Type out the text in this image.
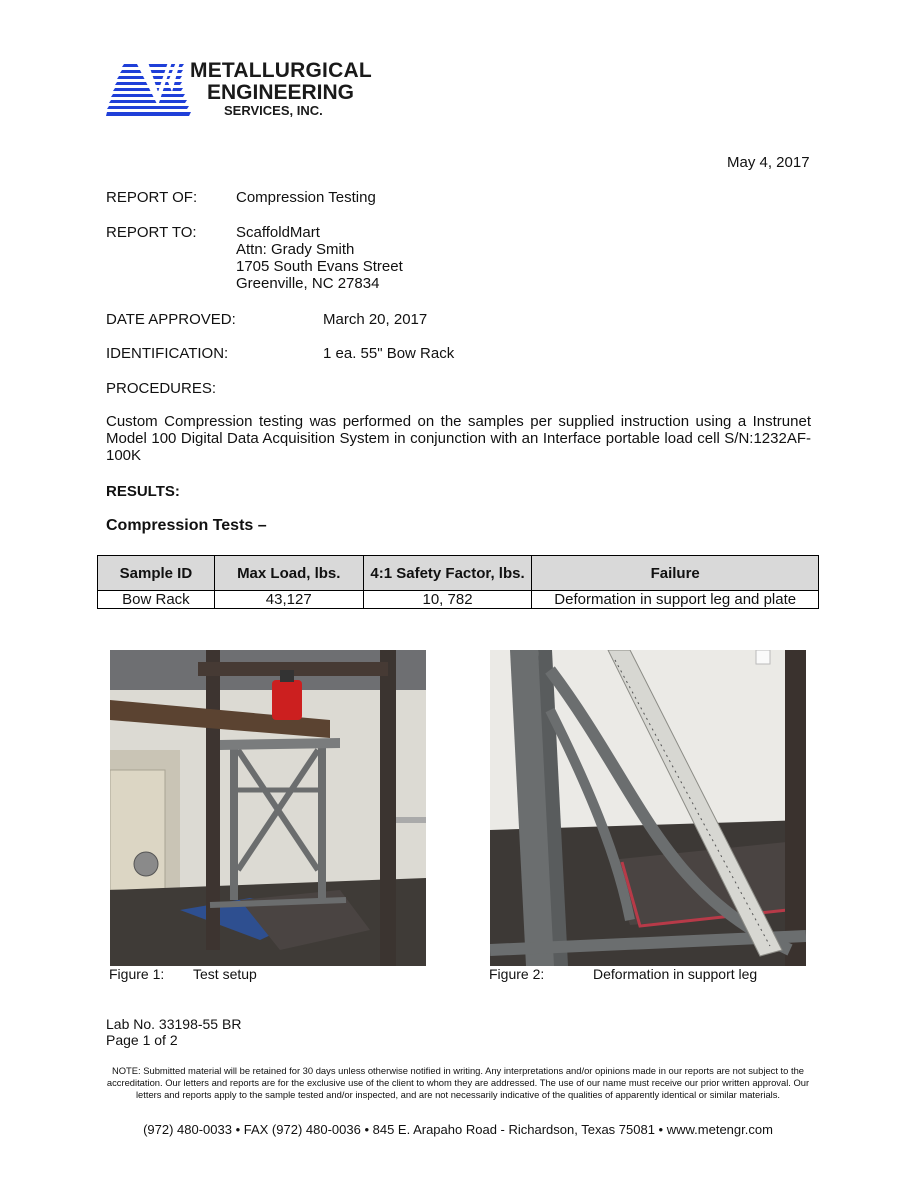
METALLURGICAL
ENGINEERING
SERVICES, INC.
May 4, 2017
REPORT OF:	Compression Testing
REPORT TO:	ScaffoldMart
Attn: Grady Smith
1705 South Evans Street
Greenville, NC 27834
DATE APPROVED:	March 20, 2017
IDENTIFICATION:	1 ea. 55" Bow Rack
PROCEDURES:
Custom Compression testing was performed on the samples per supplied instruction using a Instrunet Model 100 Digital Data Acquisition System in conjunction with an Interface portable load cell S/N:1232AF-100K
RESULTS:
Compression Tests –
Sample ID	Max Load, lbs.	4:1 Safety Factor, lbs.	Failure
Bow Rack	43,127	10, 782	Deformation in support leg and plate
Figure 1: Test setup	Figure 2:	Deformation in support leg
Lab No. 33198-55 BR
Page 1 of 2
NOTE: Submitted material will be retained for 30 days unless otherwise notified in writing. Any interpretations and/or opinions made in our reports are not subject to the accreditation. Our letters and reports are for the exclusive use of the client to whom they are addressed. The use of our name must receive our prior written approval. Our letters and reports apply to the sample tested and/or inspected, and are not necessarily indicative of the qualities of apparently identical or similar materials.
(972) 480-0033 • FAX (972) 480-0036 • 845 E. Arapaho Road - Richardson, Texas 75081 • www.metengr.com
